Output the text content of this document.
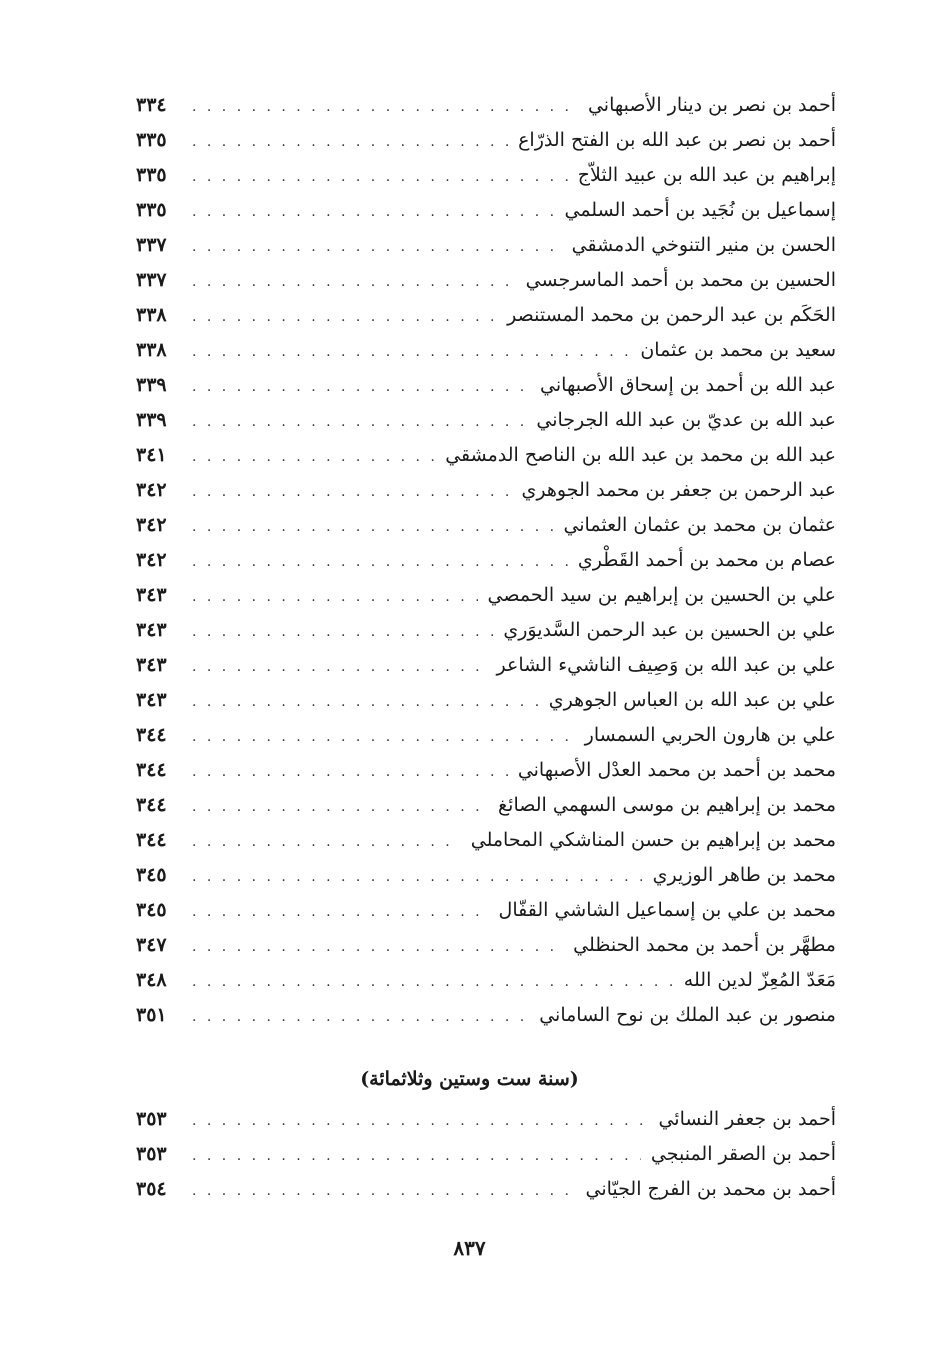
أحمد بن نصر بن دينار الأصبهاني
. . .
٣٣٤
أحمد بن نصر بن عبد الله بن الفتح الذرّاع
. . .
٣٣٥
إبراهيم بن عبد الله بن عبيد الثلاّج
. . .
٣٣٥
إسماعيل بن نُجَيد بن أحمد السلمي
. . .
٣٣٥
الحسن بن منير التنوخي الدمشقي
. . .
٣٣٧
الحسين بن محمد بن أحمد الماسرجسي
. . .
٣٣٧
الحَكَم بن عبد الرحمن بن محمد المستنصر
. . .
٣٣٨
سعيد بن محمد بن عثمان
. . .
٣٣٨
عبد الله بن أحمد بن إسحاق الأصبهاني
. . .
٣٣٩
عبد الله بن عديّ بن عبد الله الجرجاني
. . .
٣٣٩
عبد الله بن محمد بن عبد الله بن الناصح الدمشقي
. . .
٣٤١
عبد الرحمن بن جعفر بن محمد الجوهري
. . .
٣٤٢
عثمان بن محمد بن عثمان العثماني
. . .
٣٤٢
عصام بن محمد بن أحمد القَطْري
. . .
٣٤٢
علي بن الحسين بن إبراهيم بن سيد الحمصي
. . .
٣٤٣
علي بن الحسين بن عبد الرحمن السَّديوَري
. . .
٣٤٣
علي بن عبد الله بن وَصِيف الناشيء الشاعر
. . .
٣٤٣
علي بن عبد الله بن العباس الجوهري
. . .
٣٤٣
علي بن هارون الحربي السمسار
. . .
٣٤٤
محمد بن أحمد بن محمد العدْل الأصبهاني
. . .
٣٤٤
محمد بن إبراهيم بن موسى السهمي الصائغ
. . .
٣٤٤
محمد بن إبراهيم بن حسن المناشكي المحاملي
. . .
٣٤٤
محمد بن طاهر الوزيري
. . .
٣٤٥
محمد بن علي بن إسماعيل الشاشي القفّال
. . .
٣٤٥
مطهَّر بن أحمد بن محمد الحنظلي
. . .
٣٤٧
مَعَدّ المُعِزّ لدين الله
. . .
٣٤٨
منصور بن عبد الملك بن نوح الساماني
. . .
٣٥١
(سنة ست وستين وثلاثمائة)
أحمد بن جعفر النسائي
. . .
٣٥٣
أحمد بن الصقر المنبجي
. . .
٣٥٣
أحمد بن محمد بن الفرج الجيّاني
. . .
٣٥٤
٨٣٧
